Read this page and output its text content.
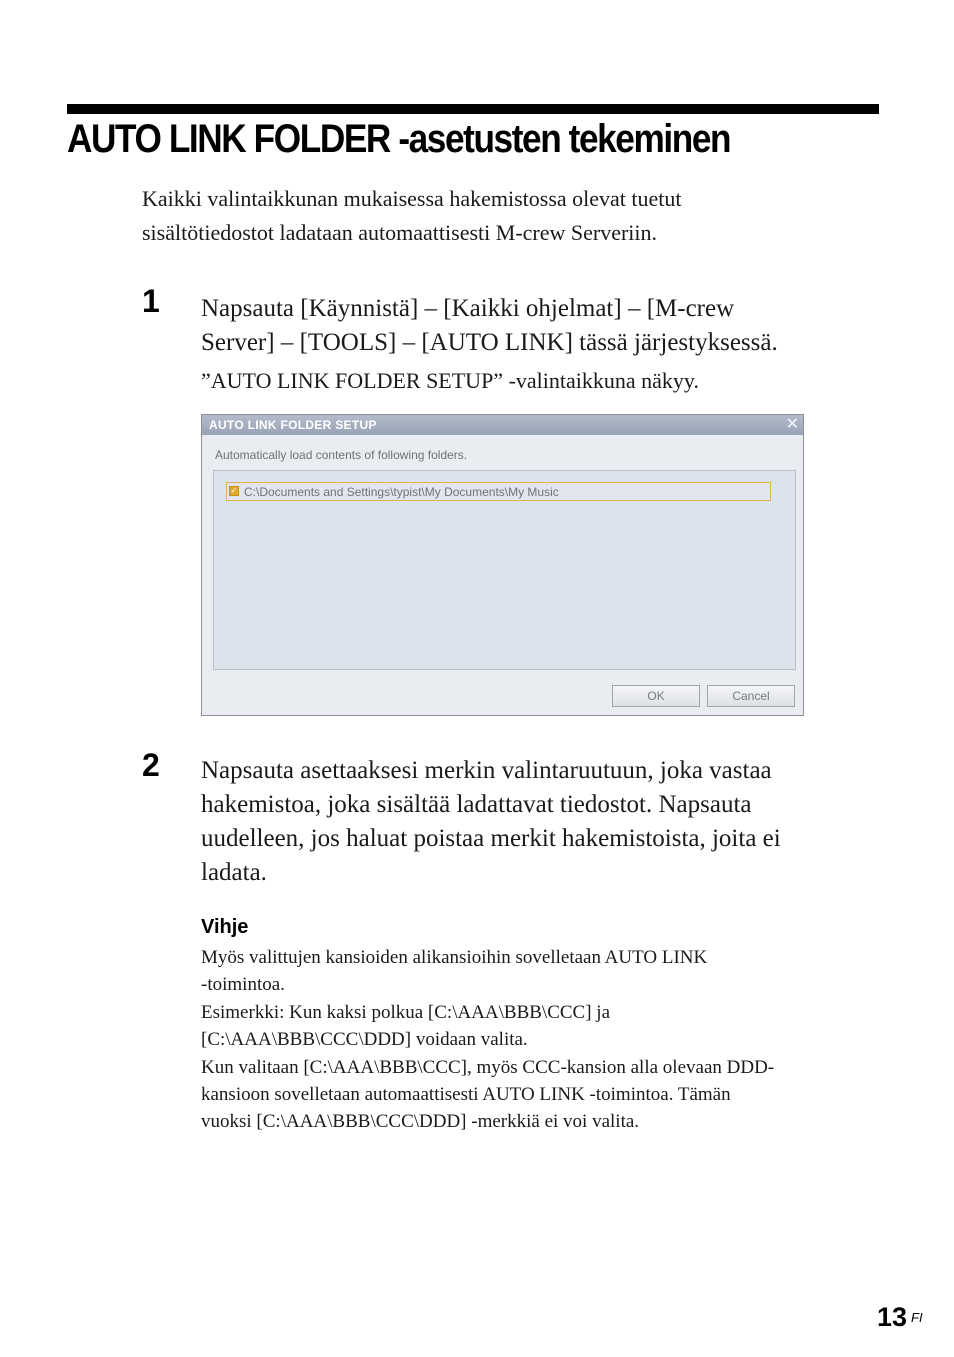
AUTO LINK FOLDER -asetusten tekeminen
Kaikki valintaikkunan mukaisessa hakemistossa olevat tuetut
sisältötiedostot ladataan automaattisesti M-crew Serveriin.
1 Napsauta [Käynnistä] – [Kaikki ohjelmat] – [M-crew
Server] – [TOOLS] – [AUTO LINK] tässä järjestyksessä.
”AUTO LINK FOLDER SETUP” -valintaikkuna näkyy.
AUTO LINK FOLDER SETUP	✕
Automatically load contents of following folders.
✓ C:\Documents and Settings\typist\My Documents\My Music
OK	Cancel
2 Napsauta asettaaksesi merkin valintaruutuun, joka vastaa
hakemistoa, joka sisältää ladattavat tiedostot. Napsauta
uudelleen, jos haluat poistaa merkit hakemistoista, joita ei
ladata.
Vihje
Myös valittujen kansioiden alikansioihin sovelletaan AUTO LINK
-toimintoa.
Esimerkki: Kun kaksi polkua [C:\AAA\BBB\CCC] ja
[C:\AAA\BBB\CCC\DDD] voidaan valita.
Kun valitaan [C:\AAA\BBB\CCC], myös CCC-kansion alla olevaan DDD-
kansioon sovelletaan automaattisesti AUTO LINK -toimintoa. Tämän
vuoksi [C:\AAA\BBB\CCC\DDD] -merkkiä ei voi valita.
13 FI
